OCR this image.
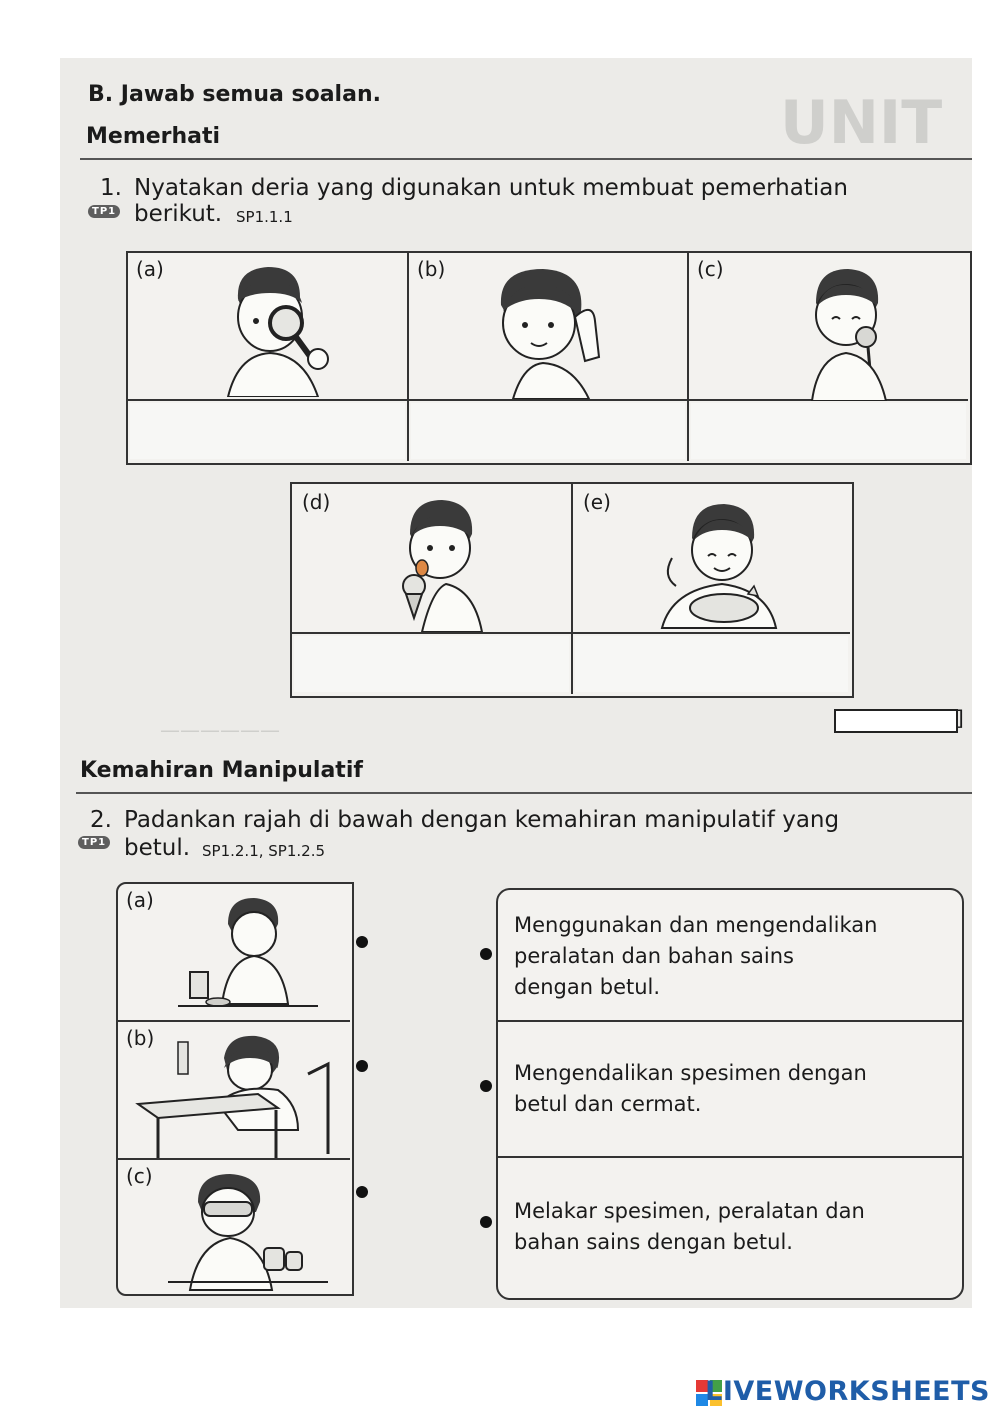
UNIT
——————
B. Jawab semua soalan.
Memerhati
1. Nyatakan deria yang digunakan untuk membuat pemerhatian
TP1 berikut. SP1.1.1
(a)	(b)	(c)
(d)	(e)
]
Kemahiran Manipulatif
2. Padankan rajah di bawah dengan kemahiran manipulatif yang
TP1 betul. SP1.2.1, SP1.2.5
(a)
(b)
(c)
Menggunakan dan mengendalikan
peralatan dan bahan sains
dengan betul.
Mengendalikan spesimen dengan
betul dan cermat.
Melakar spesimen, peralatan dan
bahan sains dengan betul.
LIVEWORKSHEETS
